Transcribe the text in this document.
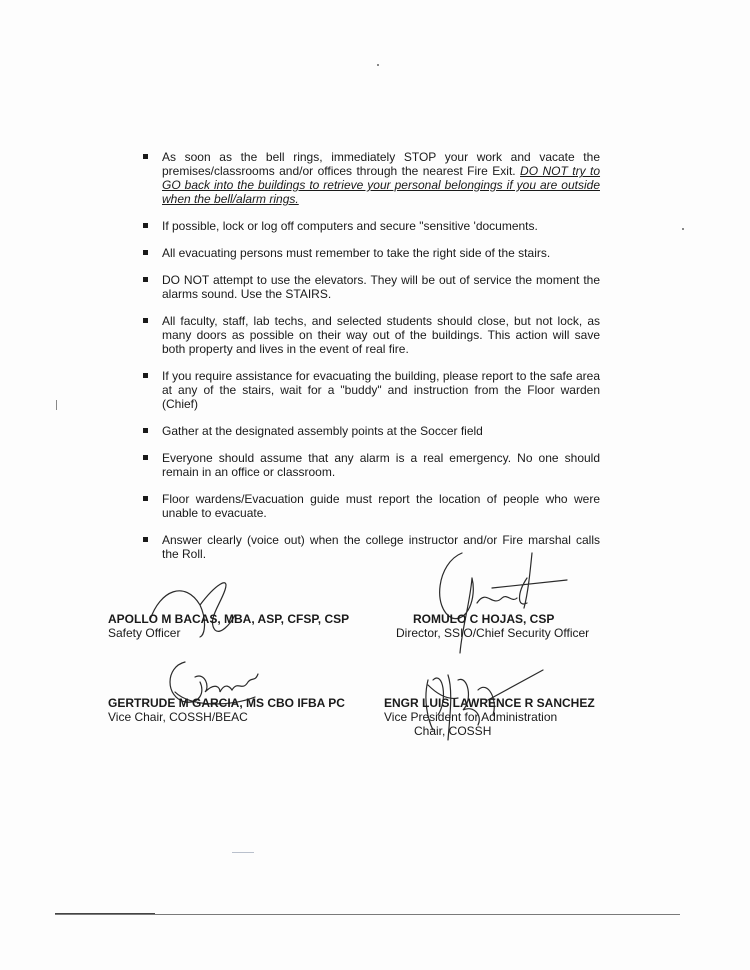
As soon as the bell rings, immediately STOP your work and vacate the premises/classrooms and/or offices through the nearest Fire Exit. DO NOT try to GO back into the buildings to retrieve your personal belongings if you are outside when the bell/alarm rings.
If possible, lock or log off computers and secure "sensitive 'documents.
All evacuating persons must remember to take the right side of the stairs.
DO NOT attempt to use the elevators. They will be out of service the moment the alarms sound. Use the STAIRS.
All faculty, staff, lab techs, and selected students should close, but not lock, as many doors as possible on their way out of the buildings. This action will save both property and lives in the event of real fire.
If you require assistance for evacuating the building, please report to the safe area at any of the stairs, wait for a "buddy" and instruction from the Floor warden (Chief)
Gather at the designated assembly points at the Soccer field
Everyone should assume that any alarm is a real emergency. No one should remain in an office or classroom.
Floor wardens/Evacuation guide must report the location of people who were unable to evacuate.
Answer clearly (voice out) when the college instructor and/or Fire marshal calls the Roll.
APOLLO M BACAS, MBA, ASP, CFSP, CSP
Safety Officer
ROMULO C HOJAS, CSP
Director, SSIO/Chief Security Officer
GERTRUDE M GARCIA, MS CBO IFBA PC
Vice Chair, COSSH/BEAC
ENGR LUIS LAWRENCE R SANCHEZ
Vice President for Administration
Chair, COSSH
